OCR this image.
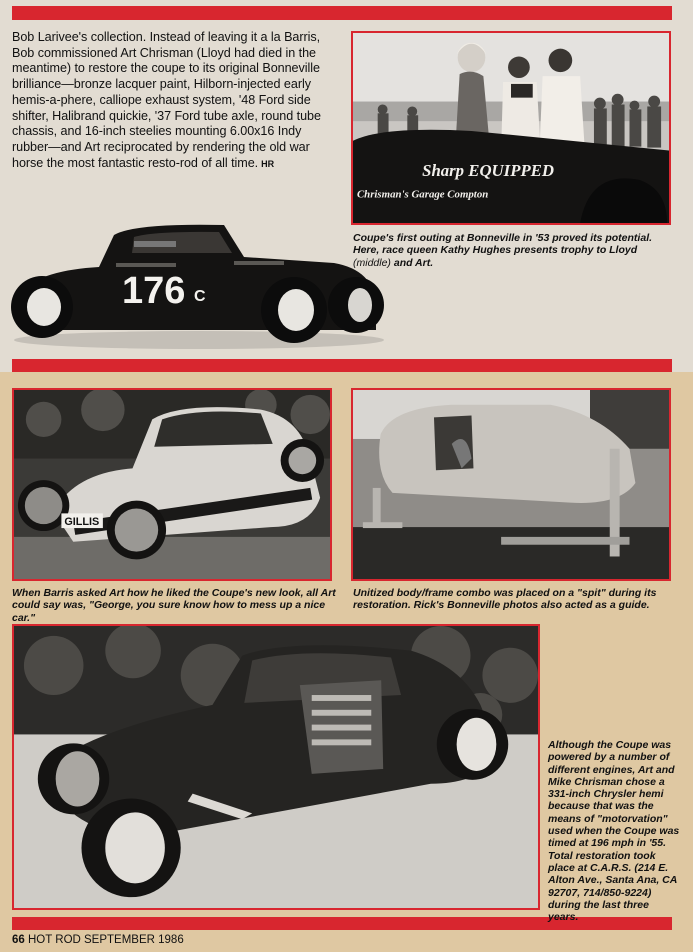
Bob Larivee's collection. Instead of leaving it a la Barris, Bob commissioned Art Chrisman (Lloyd had died in the meantime) to restore the coupe to its original Bonneville brilliance—bronze lacquer paint, Hilborn-injected early hemis-a-phere, calliope exhaust system, '48 Ford side shifter, Halibrand quickie, '37 Ford tube axle, round tube chassis, and 16-inch steelies mounting 6.00x16 Indy rubber—and Art reciprocated by rendering the old war horse the most fantastic resto-rod of all time. HR	Sharp EQUIPPED
Chrisman's Garage Compton
Coupe's first outing at Bonneville in '53 proved its potential. Here, race queen Kathy Hughes presents trophy to Lloyd (middle) and Art.
176 C
GILLIS
When Barris asked Art how he liked the Coupe's new look, all Art could say was, "George, you sure know how to mess up a nice car."
Unitized body/frame combo was placed on a "spit" during its restoration. Rick's Bonneville photos also acted as a guide.
Although the Coupe was powered by a number of different engines, Art and Mike Chrisman chose a 331-inch Chrysler hemi because that was the means of "motorvation" used when the Coupe was timed at 196 mph in '55. Total restoration took place at C.A.R.S. (214 E. Alton Ave., Santa Ana, CA 92707, 714/850-9224) during the last three years.
66 HOT ROD SEPTEMBER 1986
